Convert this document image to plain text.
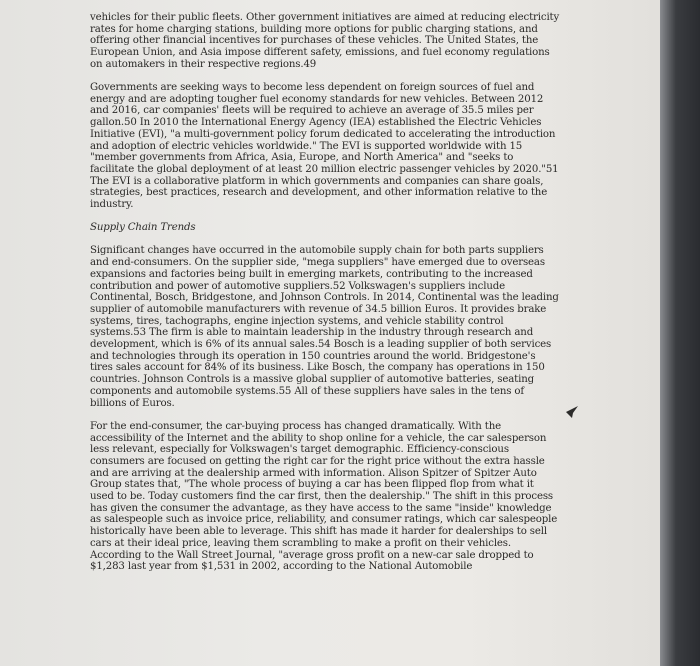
vehicles for their public fleets. Other government initiatives are aimed at reducing electricity rates for home charging stations, building more options for public charging stations, and offering other financial incentives for purchases of these vehicles. The United States, the European Union, and Asia impose different safety, emissions, and fuel economy regulations on automakers in their respective regions.49

Governments are seeking ways to become less dependent on foreign sources of fuel and energy and are adopting tougher fuel economy standards for new vehicles. Between 2012 and 2016, car companies' fleets will be required to achieve an average of 35.5 miles per gallon.50 In 2010 the International Energy Agency (IEA) established the Electric Vehicles Initiative (EVI), "a multi-government policy forum dedicated to accelerating the introduction and adoption of electric vehicles worldwide." The EVI is supported worldwide with 15 "member governments from Africa, Asia, Europe, and North America" and "seeks to facilitate the global deployment of at least 20 million electric passenger vehicles by 2020."51 The EVI is a collaborative platform in which governments and companies can share goals, strategies, best practices, research and development, and other information relative to the industry.

Supply Chain Trends

Significant changes have occurred in the automobile supply chain for both parts suppliers and end-consumers. On the supplier side, "mega suppliers" have emerged due to overseas expansions and factories being built in emerging markets, contributing to the increased contribution and power of automotive suppliers.52 Volkswagen's suppliers include Continental, Bosch, Bridgestone, and Johnson Controls. In 2014, Continental was the leading supplier of automobile manufacturers with revenue of 34.5 billion Euros. It provides brake systems, tires, tachographs, engine injection systems, and vehicle stability control systems.53 The firm is able to maintain leadership in the industry through research and development, which is 6% of its annual sales.54 Bosch is a leading supplier of both services and technologies through its operation in 150 countries around the world. Bridgestone's tires sales account for 84% of its business. Like Bosch, the company has operations in 150 countries. Johnson Controls is a massive global supplier of automotive batteries, seating components and automobile systems.55 All of these suppliers have sales in the tens of billions of Euros.

For the end-consumer, the car-buying process has changed dramatically. With the accessibility of the Internet and the ability to shop online for a vehicle, the car salesperson less relevant, especially for Volkswagen's target demographic. Efficiency-conscious consumers are focused on getting the right car for the right price without the extra hassle and are arriving at the dealership armed with information. Alison Spitzer of Spitzer Auto Group states that, "The whole process of buying a car has been flipped flop from what it used to be. Today customers find the car first, then the dealership." The shift in this process has given the consumer the advantage, as they have access to the same "inside" knowledge as salespeople such as invoice price, reliability, and consumer ratings, which car salespeople historically have been able to leverage. This shift has made it harder for dealerships to sell cars at their ideal price, leaving them scrambling to make a profit on their vehicles. According to the Wall Street Journal, "average gross profit on a new-car sale dropped to $1,283 last year from $1,531 in 2002, according to the National Automobile
